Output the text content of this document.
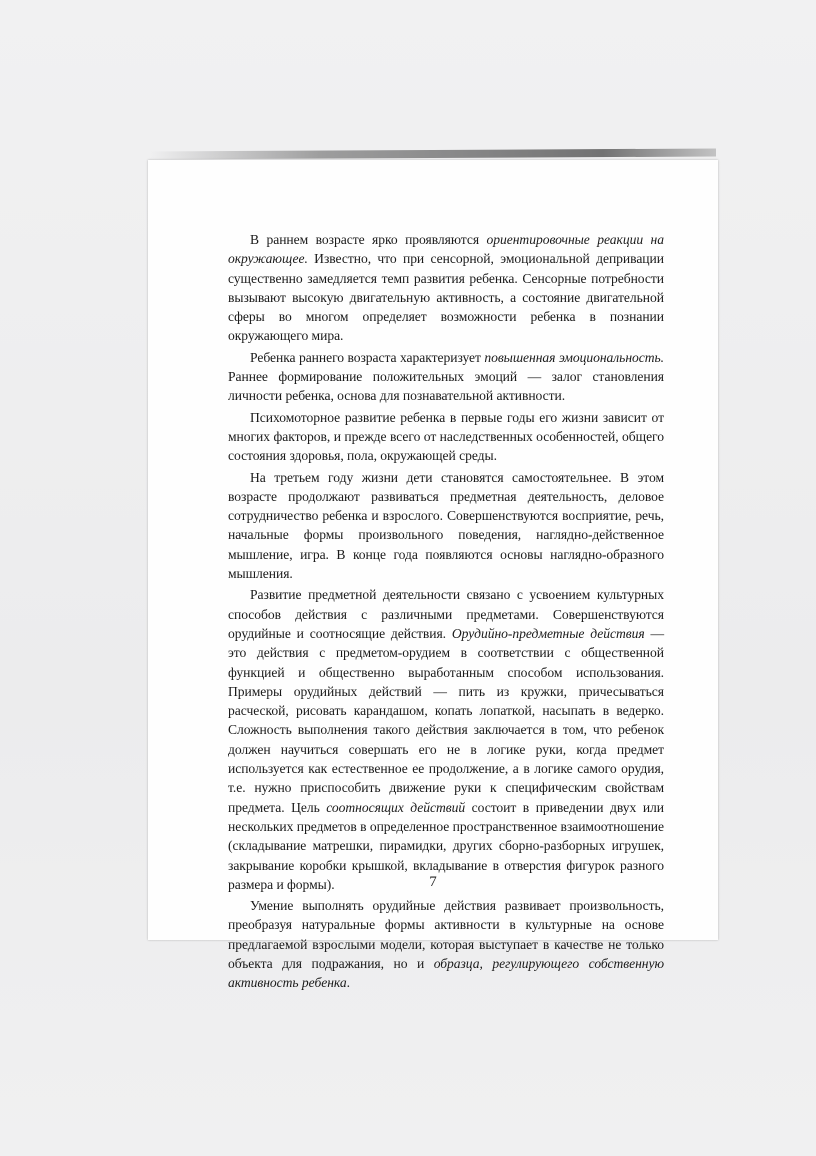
В раннем возрасте ярко проявляются ориентировочные реакции на окружающее. Известно, что при сенсорной, эмоциональной депривации существенно замедляется темп развития ребенка. Сенсорные потребности вызывают высокую двигательную активность, а состояние двигательной сферы во многом определяет возможности ребенка в познании окружающего мира.

Ребенка раннего возраста характеризует повышенная эмоциональность. Раннее формирование положительных эмоций — залог становления личности ребенка, основа для познавательной активности.

Психомоторное развитие ребенка в первые годы его жизни зависит от многих факторов, и прежде всего от наследственных особенностей, общего состояния здоровья, пола, окружающей среды.

На третьем году жизни дети становятся самостоятельнее. В этом возрасте продолжают развиваться предметная деятельность, деловое сотрудничество ребенка и взрослого. Совершенствуются восприятие, речь, начальные формы произвольного поведения, наглядно-действенное мышление, игра. В конце года появляются основы наглядно-образного мышления.

Развитие предметной деятельности связано с усвоением культурных способов действия с различными предметами. Совершенствуются орудийные и соотносящие действия. Орудийно-предметные действия — это действия с предметом-орудием в соответствии с общественной функцией и общественно выработанным способом использования. Примеры орудийных действий — пить из кружки, причесываться расческой, рисовать карандашом, копать лопаткой, насыпать в ведерко. Сложность выполнения такого действия заключается в том, что ребенок должен научиться совершать его не в логике руки, когда предмет используется как естественное ее продолжение, а в логике самого орудия, т.е. нужно приспособить движение руки к специфическим свойствам предмета. Цель соотносящих действий состоит в приведении двух или нескольких предметов в определенное пространственное взаимоотношение (складывание матрешки, пирамидки, других сборно-разборных игрушек, закрывание коробки крышкой, вкладывание в отверстия фигурок разного размера и формы).

Умение выполнять орудийные действия развивает произвольность, преобразуя натуральные формы активности в культурные на основе предлагаемой взрослыми модели, которая выступает в качестве не только объекта для подражания, но и образца, регулирующего собственную активность ребенка.

7
